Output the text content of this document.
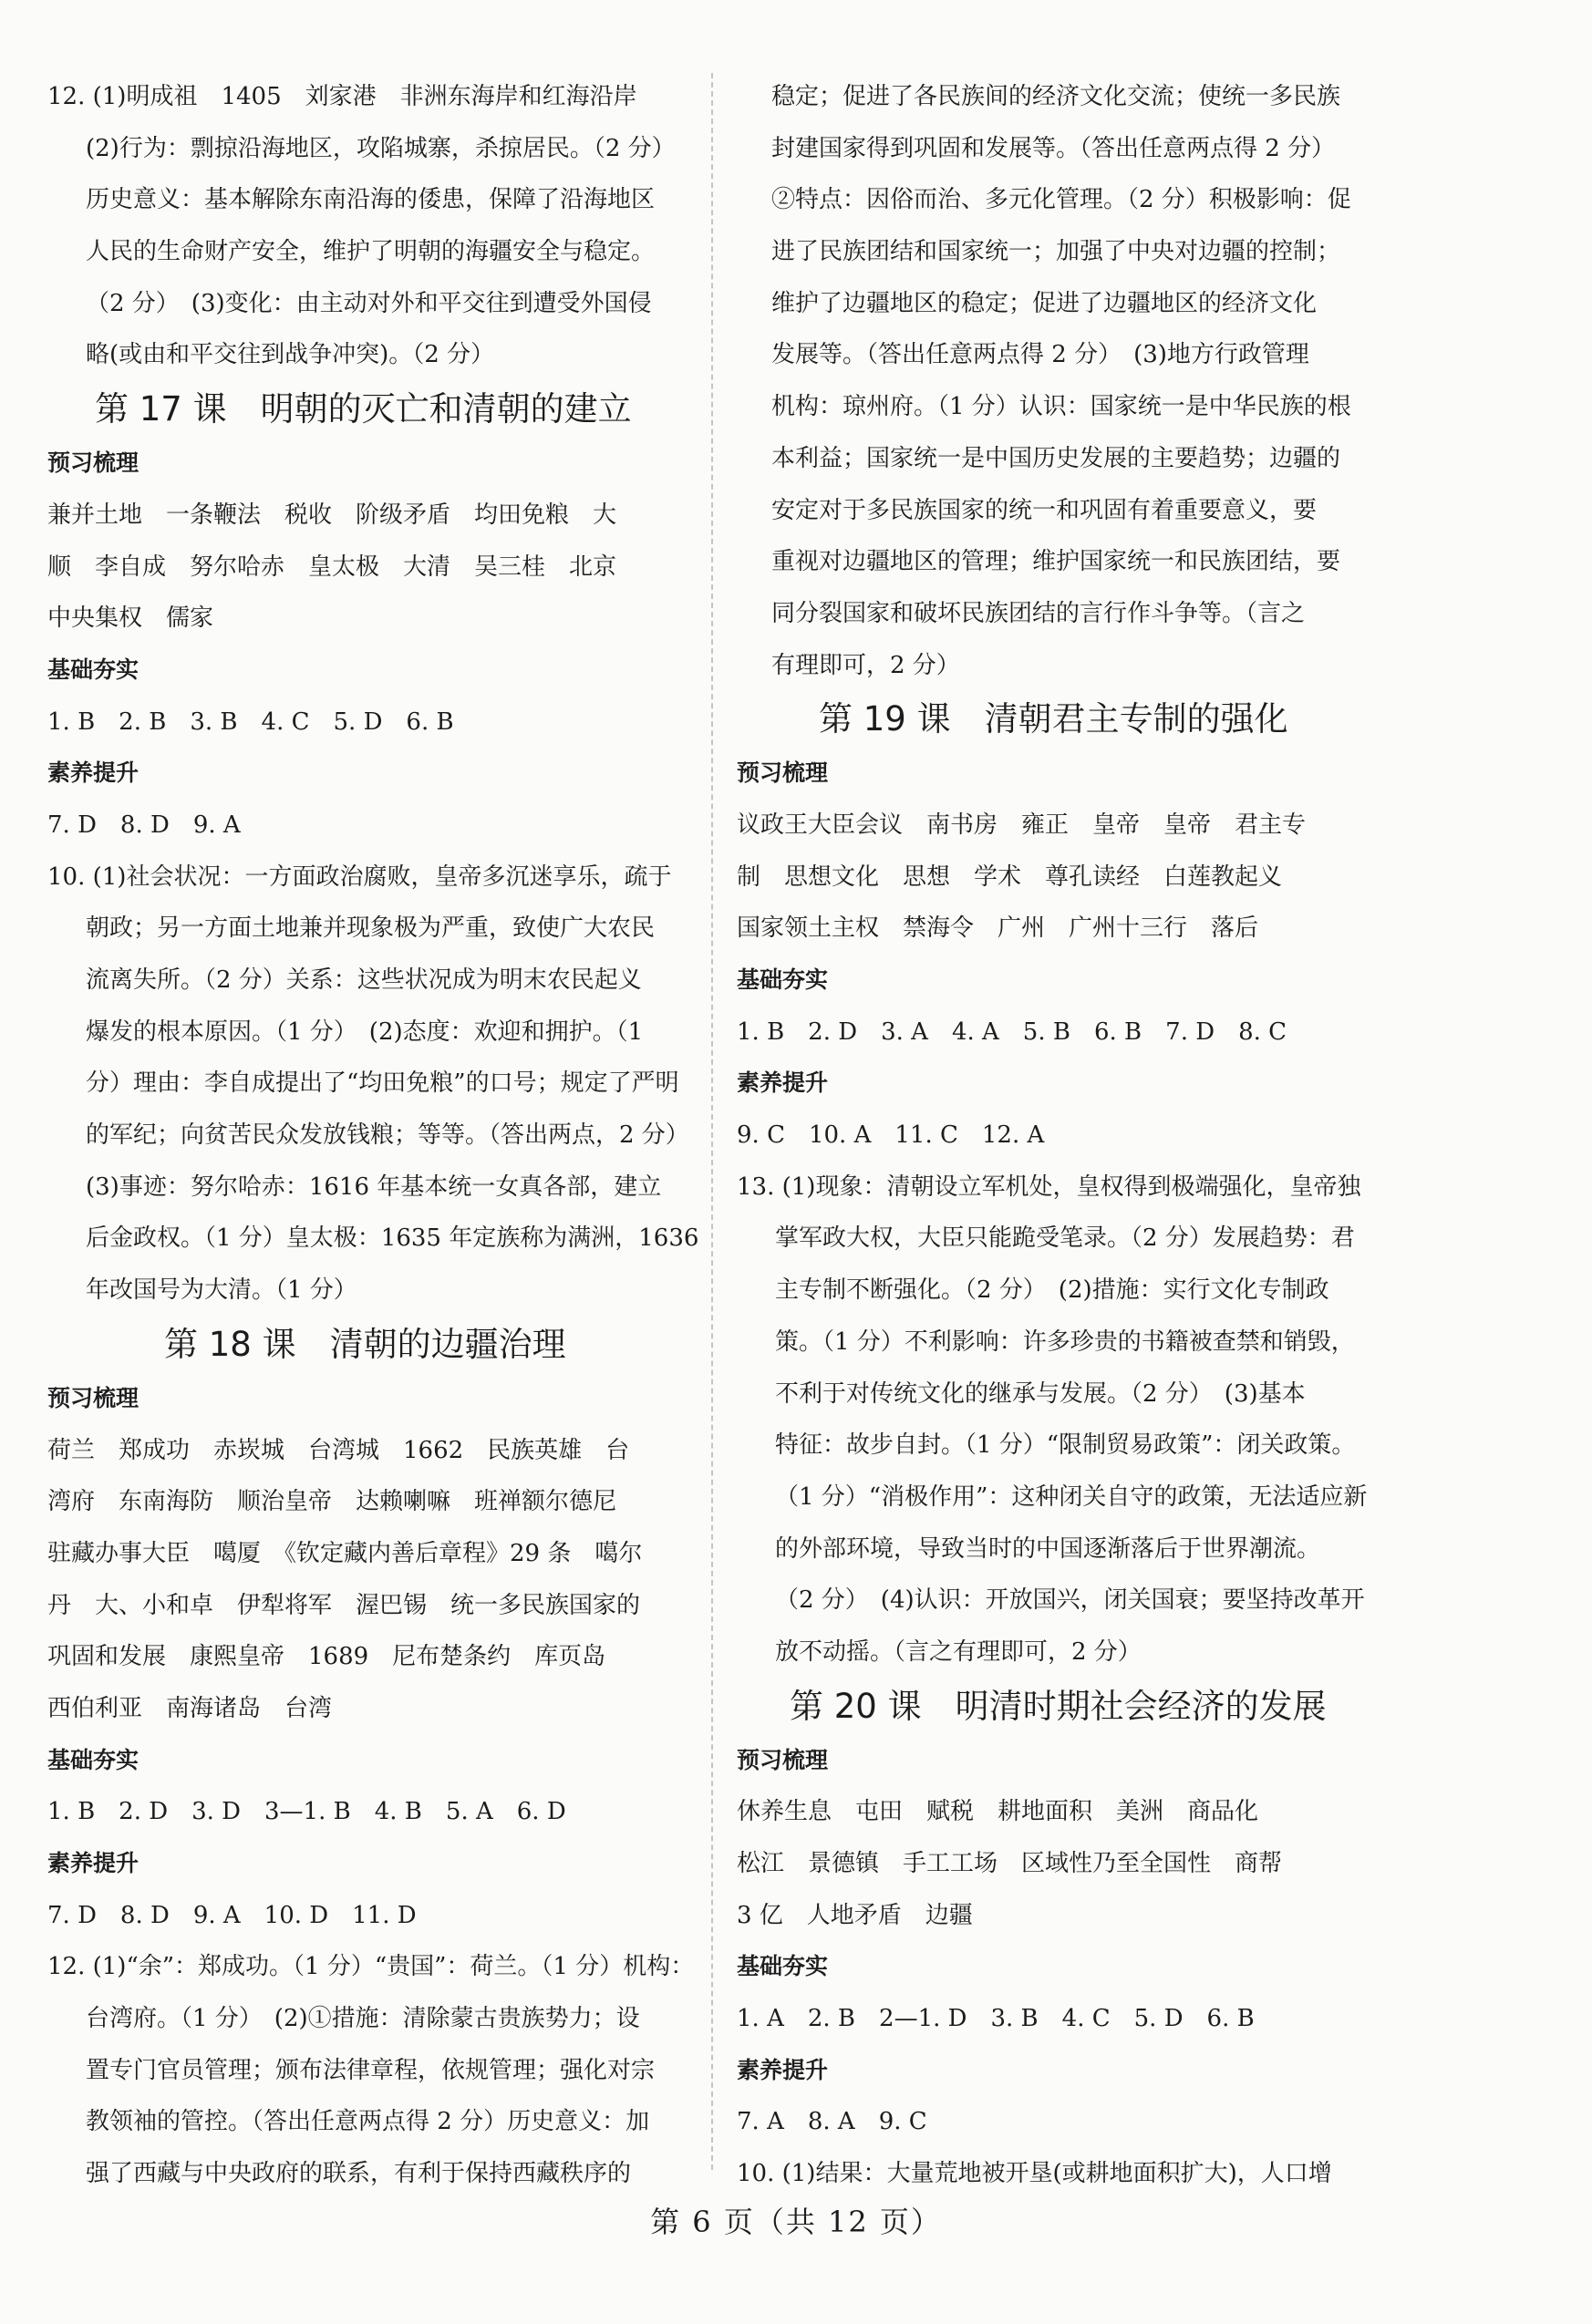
12. (1)明成祖　1405　刘家港　非洲东海岸和红海沿岸
(2)行为：剽掠沿海地区，攻陷城寨，杀掠居民。（2 分）
历史意义：基本解除东南沿海的倭患，保障了沿海地区
人民的生命财产安全，维护了明朝的海疆安全与稳定。
（2 分）　(3)变化：由主动对外和平交往到遭受外国侵
略(或由和平交往到战争冲突)。（2 分）
第 17 课　明朝的灭亡和清朝的建立
预习梳理
兼并土地　一条鞭法　税收　阶级矛盾　均田免粮　大
顺　李自成　努尔哈赤　皇太极　大清　吴三桂　北京
中央集权　儒家
基础夯实
1. B　2. B　3. B　4. C　5. D　6. B
素养提升
7. D　8. D　9. A
10. (1)社会状况：一方面政治腐败，皇帝多沉迷享乐，疏于
朝政；另一方面土地兼并现象极为严重，致使广大农民
流离失所。（2 分）关系：这些状况成为明末农民起义
爆发的根本原因。（1 分）　(2)态度：欢迎和拥护。（1
分）理由：李自成提出了“均田免粮”的口号；规定了严明
的军纪；向贫苦民众发放钱粮；等等。（答出两点，2 分）
(3)事迹：努尔哈赤：1616 年基本统一女真各部，建立
后金政权。（1 分）皇太极：1635 年定族称为满洲，1636
年改国号为大清。（1 分）
第 18 课　清朝的边疆治理
预习梳理
荷兰　郑成功　赤崁城　台湾城　1662　民族英雄　台
湾府　东南海防　顺治皇帝　达赖喇嘛　班禅额尔德尼
驻藏办事大臣　噶厦　《钦定藏内善后章程》29 条　噶尔
丹　大、小和卓　伊犁将军　渥巴锡　统一多民族国家的
巩固和发展　康熙皇帝　1689　尼布楚条约　库页岛
西伯利亚　南海诸岛　台湾
基础夯实
1. B　2. D　3. D　3—1. B　4. B　5. A　6. D
素养提升
7. D　8. D　9. A　10. D　11. D
12. (1)“余”：郑成功。（1 分）“贵国”：荷兰。（1 分）机构：
台湾府。（1 分）　(2)①措施：清除蒙古贵族势力；设
置专门官员管理；颁布法律章程，依规管理；强化对宗
教领袖的管控。（答出任意两点得 2 分）历史意义：加
强了西藏与中央政府的联系，有利于保持西藏秩序的
稳定；促进了各民族间的经济文化交流；使统一多民族
封建国家得到巩固和发展等。（答出任意两点得 2 分）
②特点：因俗而治、多元化管理。（2 分）积极影响：促
进了民族团结和国家统一；加强了中央对边疆的控制；
维护了边疆地区的稳定；促进了边疆地区的经济文化
发展等。（答出任意两点得 2 分）　(3)地方行政管理
机构：琼州府。（1 分）认识：国家统一是中华民族的根
本利益；国家统一是中国历史发展的主要趋势；边疆的
安定对于多民族国家的统一和巩固有着重要意义，要
重视对边疆地区的管理；维护国家统一和民族团结，要
同分裂国家和破坏民族团结的言行作斗争等。（言之
有理即可，2 分）
第 19 课　清朝君主专制的强化
预习梳理
议政王大臣会议　南书房　雍正　皇帝　皇帝　君主专
制　思想文化　思想　学术　尊孔读经　白莲教起义
国家领土主权　禁海令　广州　广州十三行　落后
基础夯实
1. B　2. D　3. A　4. A　5. B　6. B　7. D　8. C
素养提升
9. C　10. A　11. C　12. A
13. (1)现象：清朝设立军机处，皇权得到极端强化，皇帝独
掌军政大权，大臣只能跪受笔录。（2 分）发展趋势：君
主专制不断强化。（2 分）　(2)措施：实行文化专制政
策。（1 分）不利影响：许多珍贵的书籍被查禁和销毁，
不利于对传统文化的继承与发展。（2 分）　(3)基本
特征：故步自封。（1 分）“限制贸易政策”：闭关政策。
（1 分）“消极作用”：这种闭关自守的政策，无法适应新
的外部环境，导致当时的中国逐渐落后于世界潮流。
（2 分）　(4)认识：开放国兴，闭关国衰；要坚持改革开
放不动摇。（言之有理即可，2 分）
第 20 课　明清时期社会经济的发展
预习梳理
休养生息　屯田　赋税　耕地面积　美洲　商品化
松江　景德镇　手工工场　区域性乃至全国性　商帮
3 亿　人地矛盾　边疆
基础夯实
1. A　2. B　2—1. D　3. B　4. C　5. D　6. B
素养提升
7. A　8. A　9. C
10. (1)结果：大量荒地被开垦(或耕地面积扩大)，人口增
第 6 页（共 12 页）
